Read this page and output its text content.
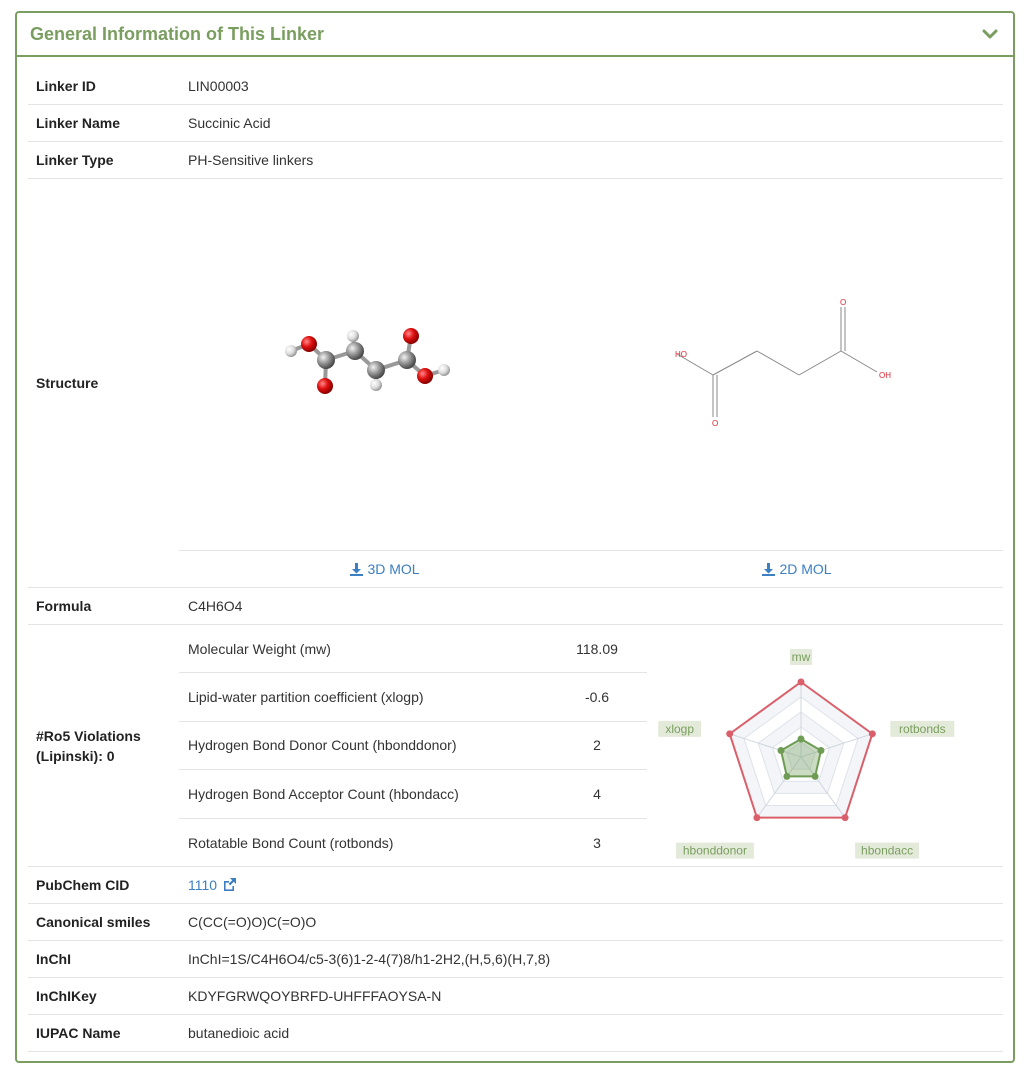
General Information of This Linker
Linker ID	LIN00003
Linker Name	Succinic Acid
Linker Type	PH-Sensitive linkers
Structure
HO
OH
O
O
3D MOL	2D MOL
Formula	C4H6O4
#Ro5 Violations (Lipinski): 0
Molecular Weight (mw)	118.09
Lipid-water partition coefficient (xlogp)	-0.6
Hydrogen Bond Donor Count (hbonddonor)	2
Hydrogen Bond Acceptor Count (hbondacc)	4
Rotatable Bond Count (rotbonds)	3
mw
rotbonds
hbondacc
hbonddonor
xlogp
PubChem CID	1110
Canonical smiles	C(CC(=O)O)C(=O)O
InChI	InChI=1S/C4H6O4/c5-3(6)1-2-4(7)8/h1-2H2,(H,5,6)(H,7,8)
InChIKey	KDYFGRWQOYBRFD-UHFFFAOYSA-N
IUPAC Name	butanedioic acid
